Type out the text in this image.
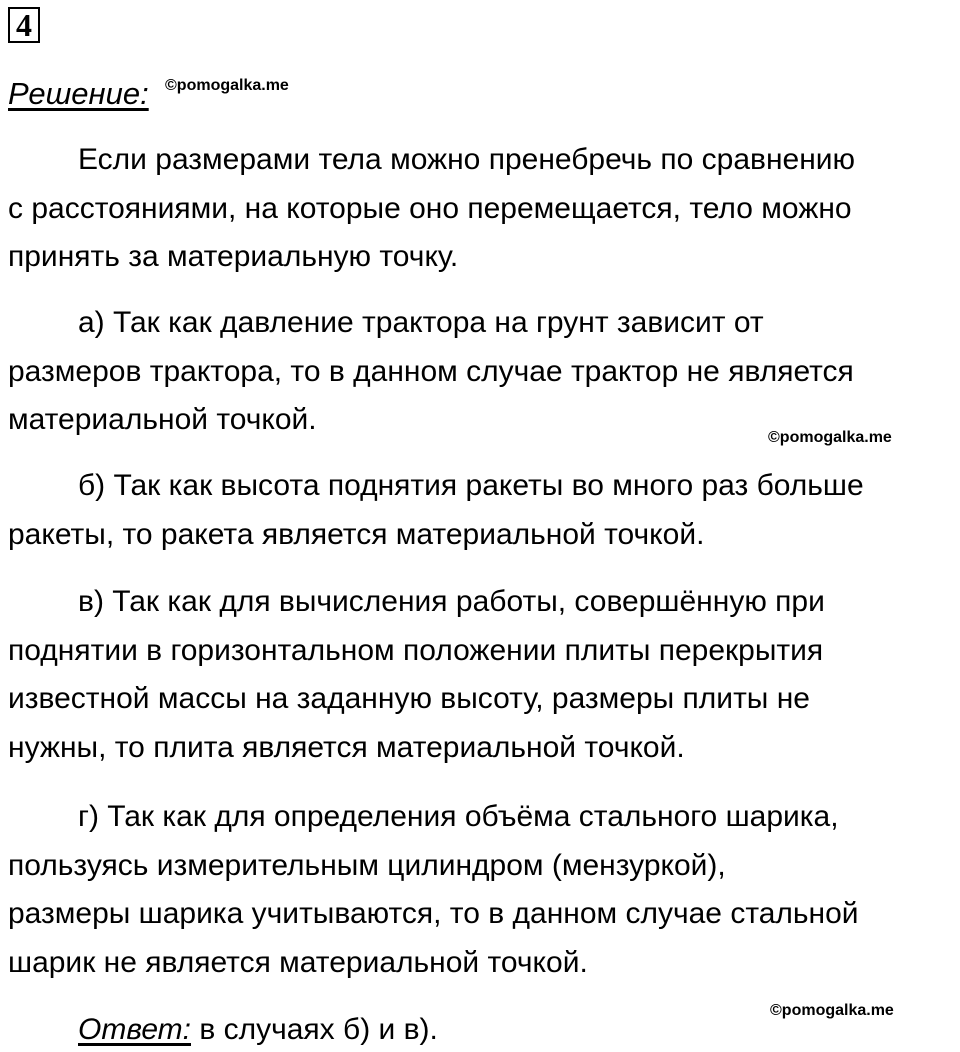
4
Решение: ©pomogalka.me

Если размерами тела можно пренебречь по сравнению
с расстояниями, на которые оно перемещается, тело можно
принять за материальную точку.

а) Так как давление трактора на грунт зависит от
размеров трактора, то в данном случае трактор не является
материальной точкой.

©pomogalka.me

б) Так как высота поднятия ракеты во много раз больше
ракеты, то ракета является материальной точкой.

в) Так как для вычисления работы, совершённую при
поднятии в горизонтальном положении плиты перекрытия
известной массы на заданную высоту, размеры плиты не
нужны, то плита является материальной точкой.

г) Так как для определения объёма стального шарика,
пользуясь измерительным цилиндром (мензуркой),
размеры шарика учитываются, то в данном случае стальной
шарик не является материальной точкой.

©pomogalka.me
Ответ: в случаях б) и в).
